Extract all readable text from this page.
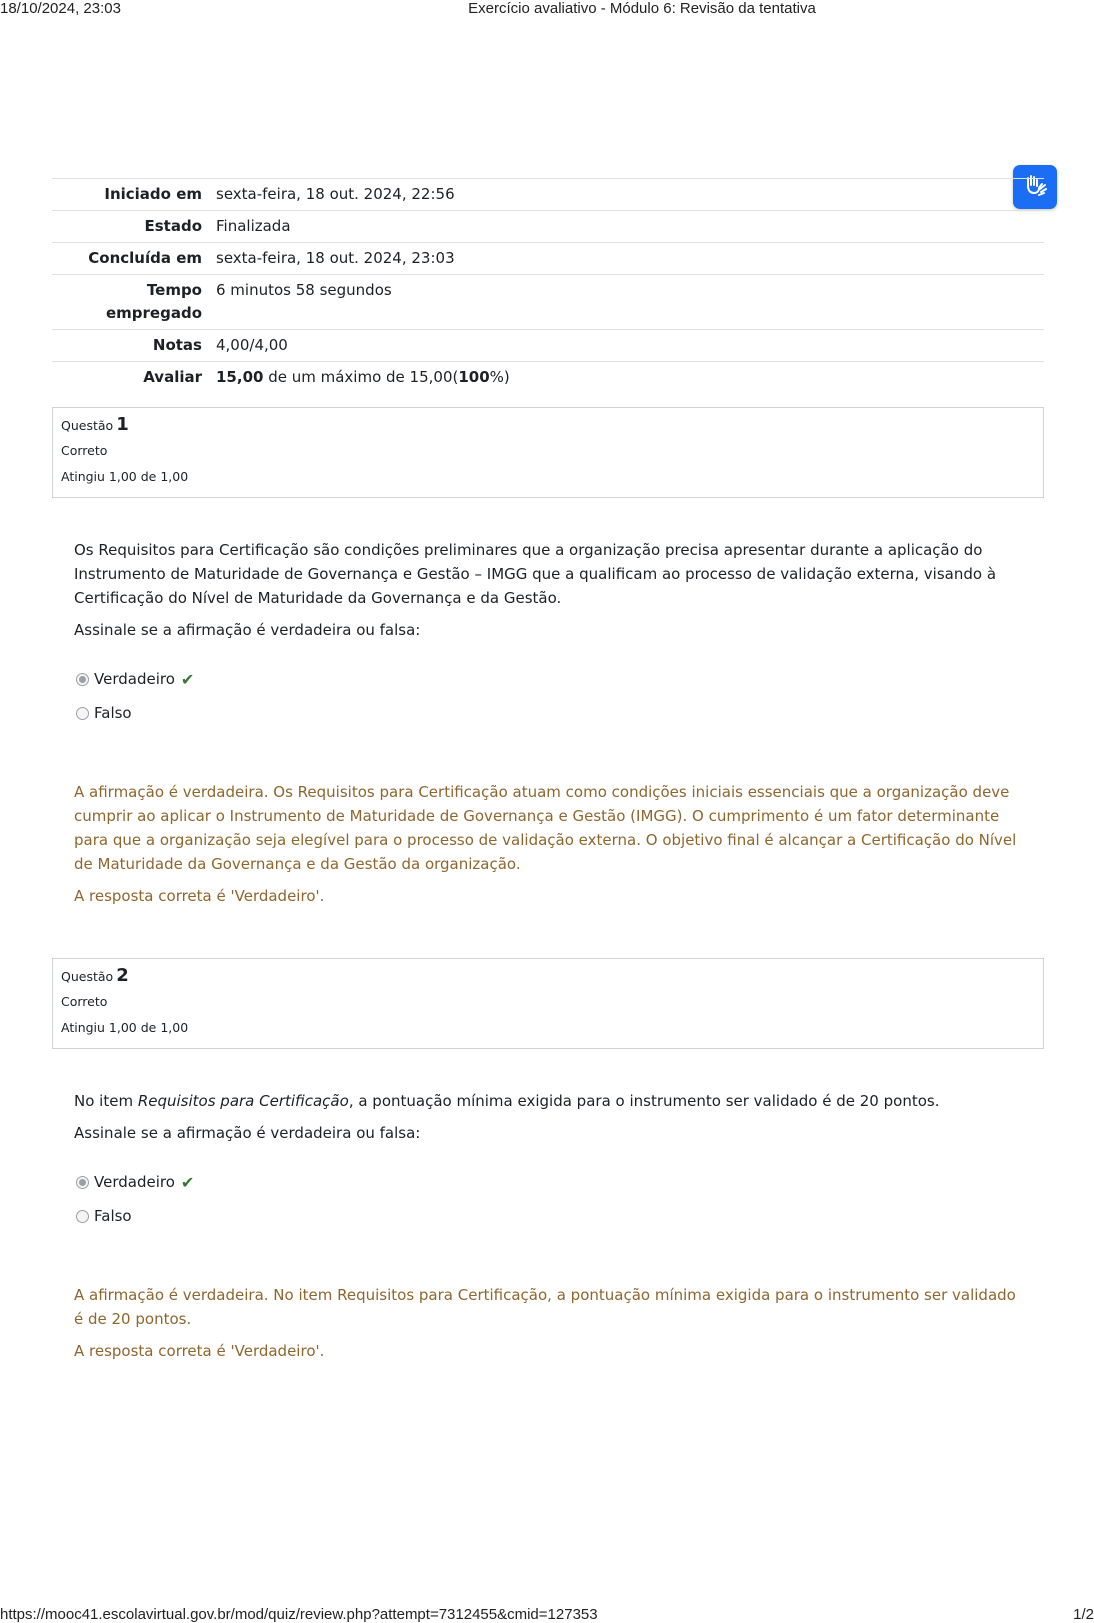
18/10/2024, 23:03	Exercício avaliativo - Módulo 6: Revisão da tentativa
Iniciado em	sexta-feira, 18 out. 2024, 22:56
Estado	Finalizada
Concluída em	sexta-feira, 18 out. 2024, 23:03
Tempo empregado	6 minutos 58 segundos
Notas	4,00/4,00
Avaliar	15,00 de um máximo de 15,00(100%)
Questão 1
Correto
Atingiu 1,00 de 1,00

Os Requisitos para Certificação são condições preliminares que a organização precisa apresentar durante a aplicação do Instrumento de Maturidade de Governança e Gestão – IMGG que a qualificam ao processo de validação externa, visando à Certificação do Nível de Maturidade da Governança e da Gestão.

Assinale se a afirmação é verdadeira ou falsa:

Verdadeiro ✔
Falso

A afirmação é verdadeira. Os Requisitos para Certificação atuam como condições iniciais essenciais que a organização deve cumprir ao aplicar o Instrumento de Maturidade de Governança e Gestão (IMGG). O cumprimento é um fator determinante para que a organização seja elegível para o processo de validação externa. O objetivo final é alcançar a Certificação do Nível de Maturidade da Governança e da Gestão da organização.

A resposta correta é 'Verdadeiro'.

Questão 2
Correto
Atingiu 1,00 de 1,00

No item Requisitos para Certificação, a pontuação mínima exigida para o instrumento ser validado é de 20 pontos.

Assinale se a afirmação é verdadeira ou falsa:

Verdadeiro ✔
Falso

A afirmação é verdadeira. No item Requisitos para Certificação, a pontuação mínima exigida para o instrumento ser validado é de 20 pontos.

A resposta correta é 'Verdadeiro'.

https://mooc41.escolavirtual.gov.br/mod/quiz/review.php?attempt=7312455&cmid=127353	1/2
